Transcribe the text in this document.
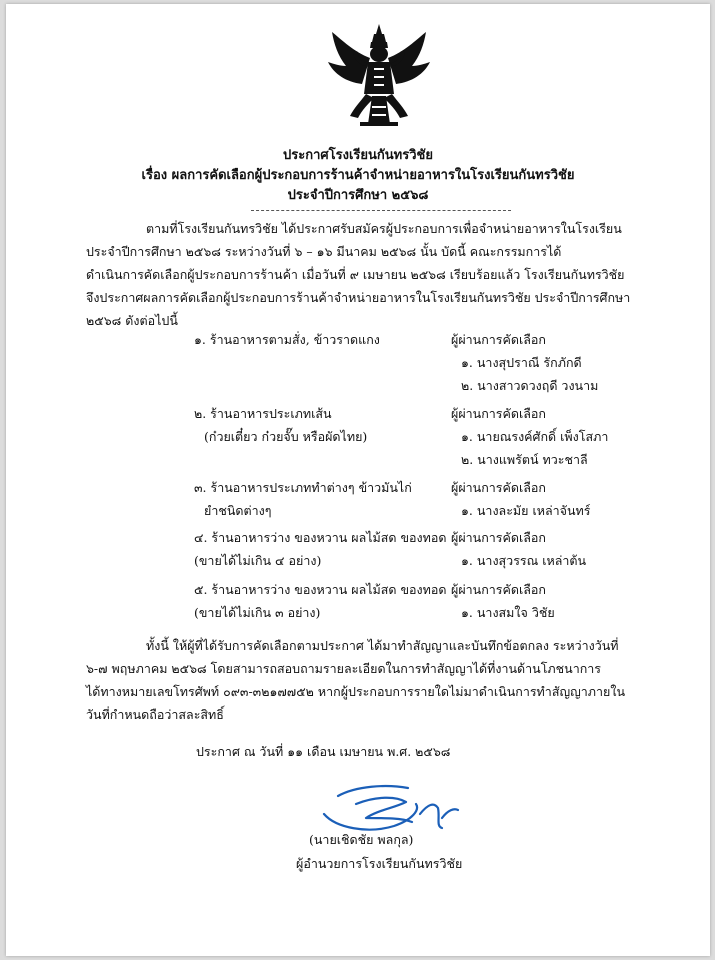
ประกาศโรงเรียนกันทรวิชัย
เรื่อง ผลการคัดเลือกผู้ประกอบการร้านค้าจำหน่ายอาหารในโรงเรียนกันทรวิชัย
ประจำปีการศึกษา ๒๕๖๘
ตามที่โรงเรียนกันทรวิชัย ได้ประกาศรับสมัครผู้ประกอบการเพื่อจำหน่ายอาหารในโรงเรียน
ประจำปีการศึกษา ๒๕๖๘ ระหว่างวันที่ ๖ – ๑๖ มีนาคม ๒๕๖๘ นั้น บัดนี้ คณะกรรมการได้
ดำเนินการคัดเลือกผู้ประกอบการร้านค้า เมื่อวันที่ ๙ เมษายน ๒๕๖๘ เรียบร้อยแล้ว โรงเรียนกันทรวิชัย
จึงประกาศผลการคัดเลือกผู้ประกอบการร้านค้าจำหน่ายอาหารในโรงเรียนกันทรวิชัย ประจำปีการศึกษา
๒๕๖๘ ดังต่อไปนี้
๑. ร้านอาหารตามสั่ง, ข้าวราดแกง	ผู้ผ่านการคัดเลือก
๑. นางสุปราณี รักภักดี
๒. นางสาวดวงฤดี วงนาม
๒. ร้านอาหารประเภทเส้น	ผู้ผ่านการคัดเลือก
(ก๋วยเตี๋ยว ก๋วยจั๊บ หรือผัดไทย)	๑. นายณรงค์ศักดิ์ เพ็งโสภา
๒. นางแพรัตน์ ทวะชาลี
๓. ร้านอาหารประเภททำต่างๆ ข้าวมันไก่	ผู้ผ่านการคัดเลือก
ยำชนิดต่างๆ	๑. นางละมัย เหล่าจันทร์
๔. ร้านอาหารว่าง ของหวาน ผลไม้สด ของทอด ผู้ผ่านการคัดเลือก
(ขายได้ไม่เกิน ๔ อย่าง)	๑. นางสุวรรณ เหล่าต้น
๕. ร้านอาหารว่าง ของหวาน ผลไม้สด ของทอด ผู้ผ่านการคัดเลือก
(ขายได้ไม่เกิน ๓ อย่าง)	๑. นางสมใจ วิชัย
ทั้งนี้ ให้ผู้ที่ได้รับการคัดเลือกตามประกาศ ได้มาทำสัญญาและบันทึกข้อตกลง ระหว่างวันที่
๖-๗ พฤษภาคม ๒๕๖๘ โดยสามารถสอบถามรายละเอียดในการทำสัญญาได้ที่งานด้านโภชนาการ
ได้ทางหมายเลขโทรศัพท์ ๐๙๓-๓๒๑๗๗๕๒ หากผู้ประกอบการรายใดไม่มาดำเนินการทำสัญญาภายใน
วันที่กำหนดถือว่าสละสิทธิ์
ประกาศ ณ วันที่ ๑๑ เดือน เมษายน พ.ศ. ๒๕๖๘
(นายเชิดชัย พลกุล)
ผู้อำนวยการโรงเรียนกันทรวิชัย
